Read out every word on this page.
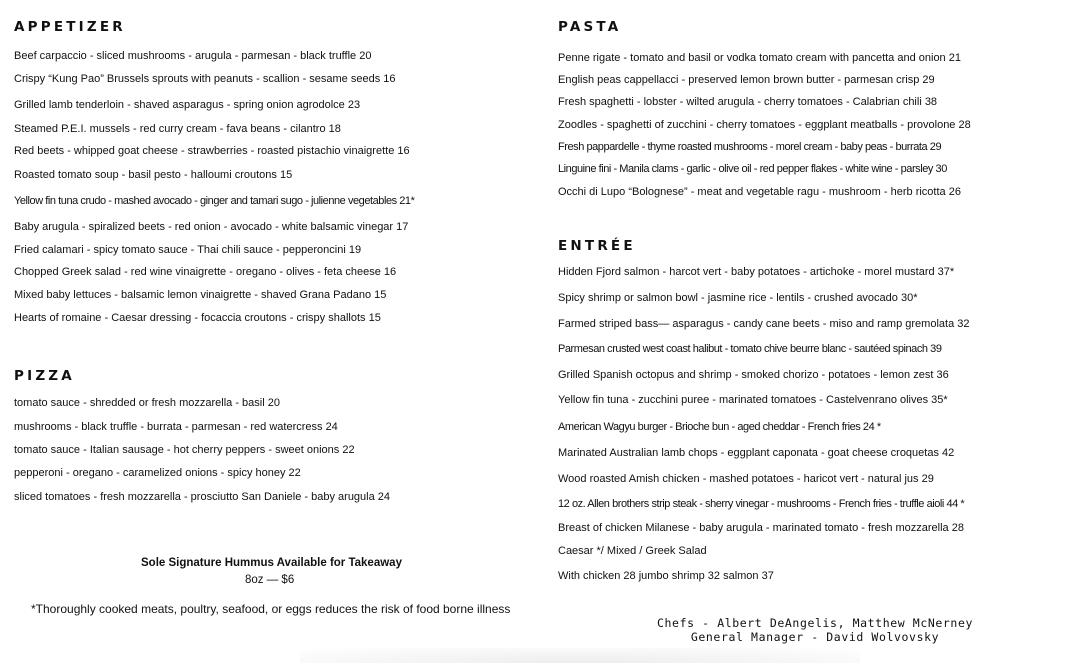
APPETIZER

Beef carpaccio - sliced mushrooms - arugula - parmesan - black truffle 20

Crispy “Kung Pao” Brussels sprouts with peanuts - scallion - sesame seeds 16

Grilled lamb tenderloin - shaved asparagus - spring onion agrodolce 23

Steamed P.E.I. mussels - red curry cream - fava beans - cilantro 18

Red beets - whipped goat cheese - strawberries - roasted pistachio vinaigrette 16

Roasted tomato soup - basil pesto - halloumi croutons 15

Yellow fin tuna crudo - mashed avocado - ginger and tamari sugo - julienne vegetables 21*

Baby arugula - spiralized beets - red onion - avocado - white balsamic vinegar 17

Fried calamari - spicy tomato sauce - Thai chili sauce - pepperoncini 19

Chopped Greek salad - red wine vinaigrette - oregano - olives - feta cheese 16

Mixed baby lettuces - balsamic lemon vinaigrette - shaved Grana Padano 15

Hearts of romaine - Caesar dressing - focaccia croutons - crispy shallots 15

PIZZA

tomato sauce - shredded or fresh mozzarella - basil 20

mushrooms - black truffle - burrata - parmesan - red watercress 24

tomato sauce - Italian sausage - hot cherry peppers - sweet onions 22

pepperoni - oregano - caramelized onions - spicy honey 22

sliced tomatoes - fresh mozzarella - prosciutto San Daniele - baby arugula 24

Sole Signature Hummus Available for Takeaway

8oz — $6

*Thoroughly cooked meats, poultry, seafood, or eggs reduces the risk of food borne illness

PASTA

Penne rigate - tomato and basil or vodka tomato cream with pancetta and onion 21

English peas cappellacci - preserved lemon brown butter - parmesan crisp 29

Fresh spaghetti - lobster - wilted arugula - cherry tomatoes - Calabrian chili 38

Zoodles - spaghetti of zucchini - cherry tomatoes - eggplant meatballs - provolone 28

Fresh pappardelle - thyme roasted mushrooms - morel cream - baby peas - burrata 29

Linguine fini - Manila clams - garlic - olive oil - red pepper flakes - white wine - parsley 30

Occhi di Lupo “Bolognese” - meat and vegetable ragu - mushroom - herb ricotta 26

ENTRÉE

Hidden Fjord salmon - harcot vert - baby potatoes - artichoke - morel mustard 37*

Spicy shrimp or salmon bowl - jasmine rice - lentils - crushed avocado 30*

Farmed striped bass— asparagus - candy cane beets - miso and ramp gremolata 32

Parmesan crusted west coast halibut - tomato chive beurre blanc - sautéed spinach 39

Grilled Spanish octopus and shrimp - smoked chorizo - potatoes - lemon zest 36

Yellow fin tuna - zucchini puree - marinated tomatoes - Castelvenrano olives 35*

American Wagyu burger - Brioche bun - aged cheddar - French fries 24 *

Marinated Australian lamb chops - eggplant caponata - goat cheese croquetas 42

Wood roasted Amish chicken - mashed potatoes - haricot vert - natural jus 29

12 oz. Allen brothers strip steak - sherry vinegar - mushrooms - French fries - truffle aioli 44 *

Breast of chicken Milanese - baby arugula - marinated tomato - fresh mozzarella 28

Caesar */ Mixed / Greek Salad

With chicken 28 jumbo shrimp 32 salmon 37

Chefs - Albert DeAngelis, Matthew McNerney
General Manager - David Wolvovsky
